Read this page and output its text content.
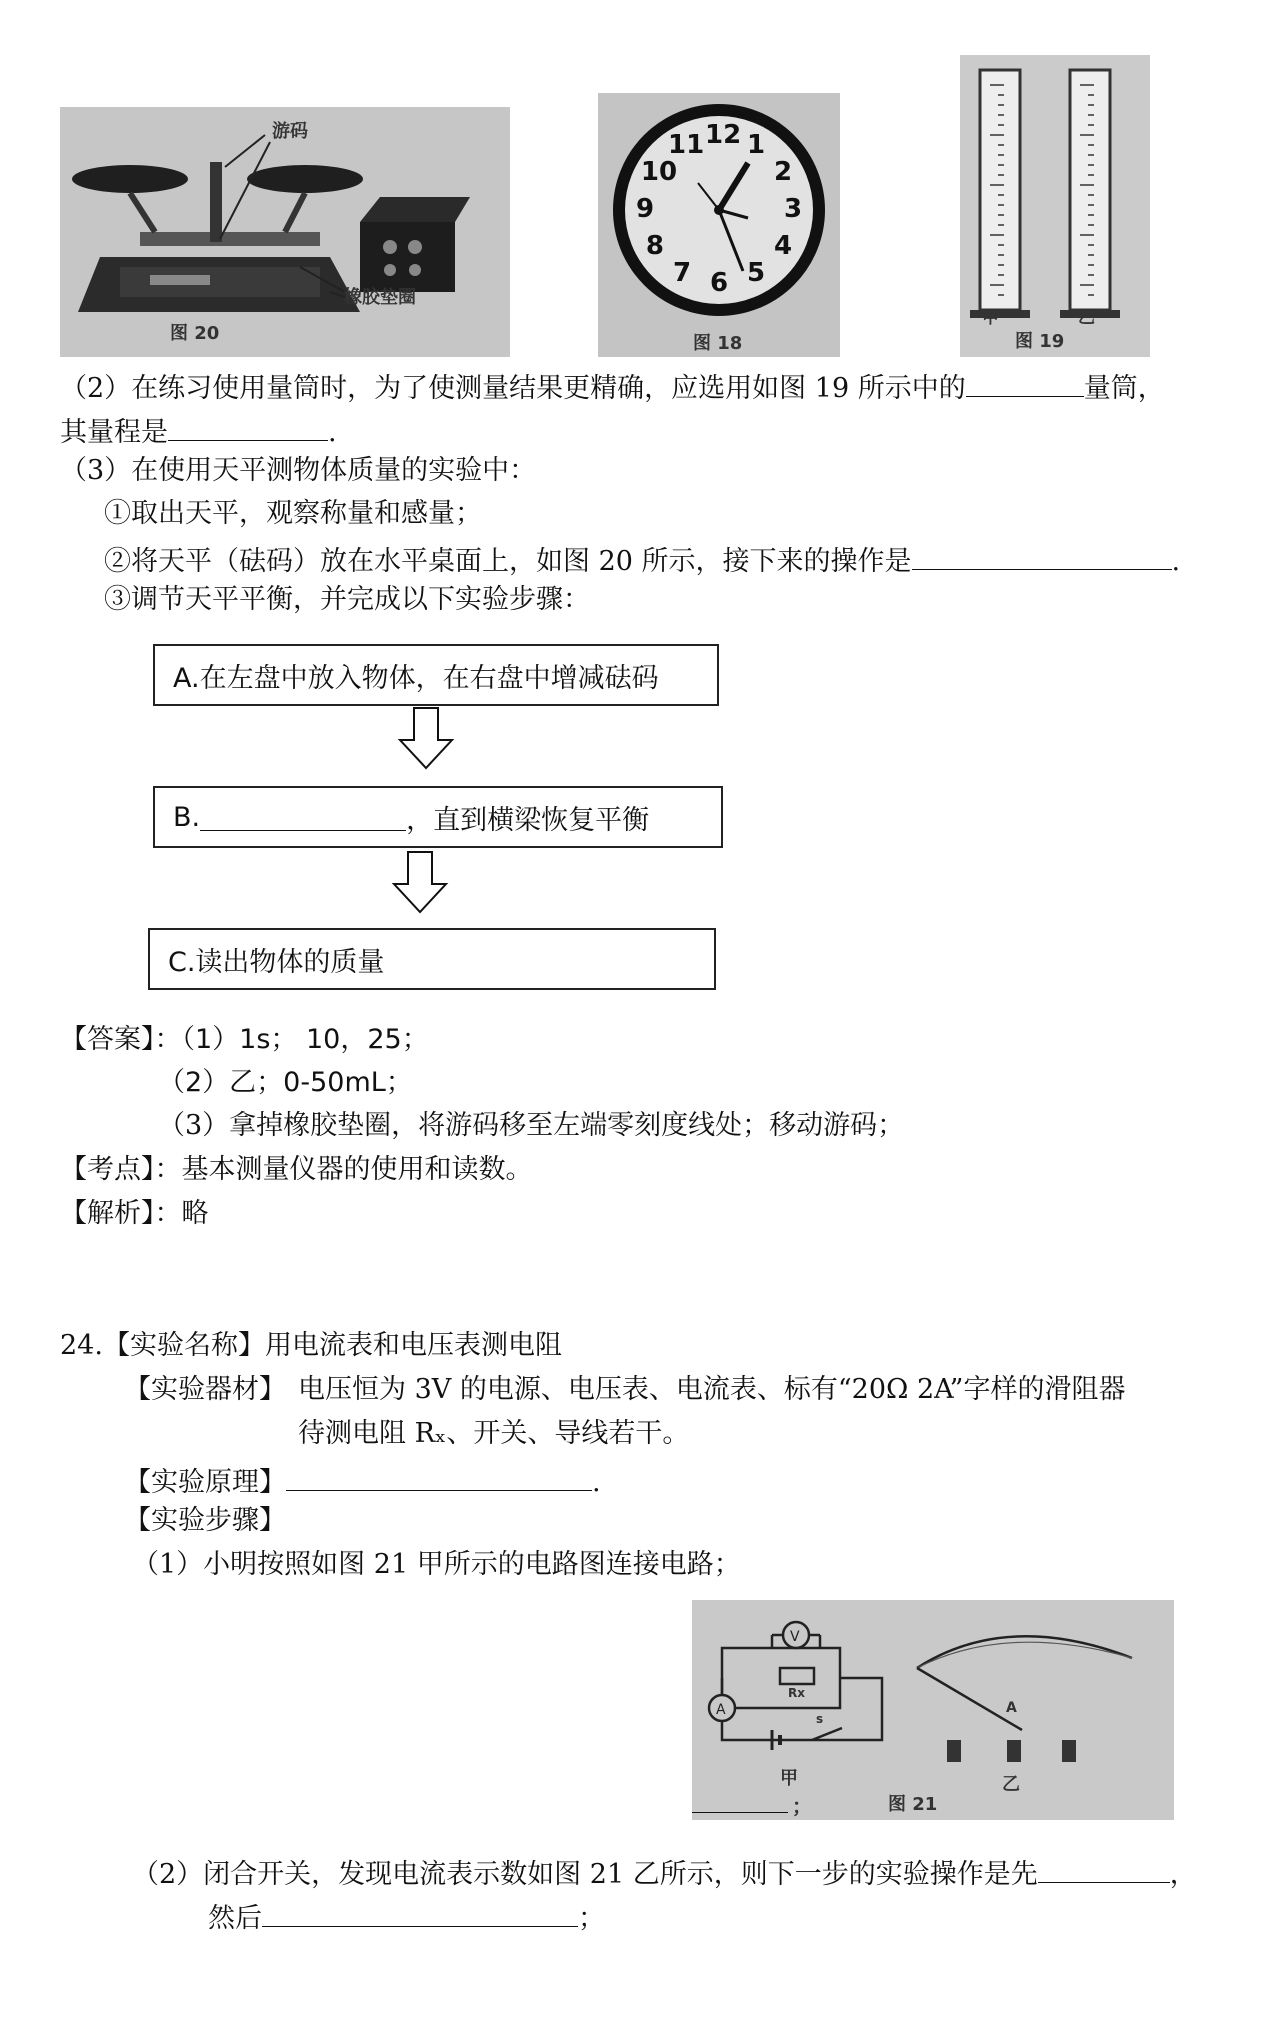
游码
橡胶垫圈
图 20
12 1
2
3
4
5
6
7
8
9
10
11
图 18
甲	乙
图 19
（2）在练习使用量筒时，为了使测量结果更精确，应选用如图 19 所示中的	量筒，
其量程是	.
（3）在使用天平测物体质量的实验中：
①取出天平，观察称量和感量；
②将天平（砝码）放在水平桌面上，如图 20 所示，接下来的操作是	.
③调节天平平衡，并完成以下实验步骤：
A.在左盘中放入物体，在右盘中增减砝码
B.	，直到横梁恢复平衡
C.读出物体的质量
【答案】：（1）1s； 10，25；
（2）乙；0-50mL；
（3）拿掉橡胶垫圈，将游码移至左端零刻度线处；移动游码；
【考点】：基本测量仪器的使用和读数。
【解析】：略
24.【实验名称】用电流表和电压表测电阻
【实验器材】 电压恒为 3V 的电源、电压表、电流表、标有“20Ω 2A”字样的滑阻器
待测电阻 Rₓ、开关、导线若干。
【实验原理】	.
【实验步骤】
（1）小明按照如图 21 甲所示的电路图连接电路；
V
A
Rx
s
A
甲	乙
图 21
；
（2）闭合开关，发现电流表示数如图 21 乙所示，则下一步的实验操作是先	，
然后	；
